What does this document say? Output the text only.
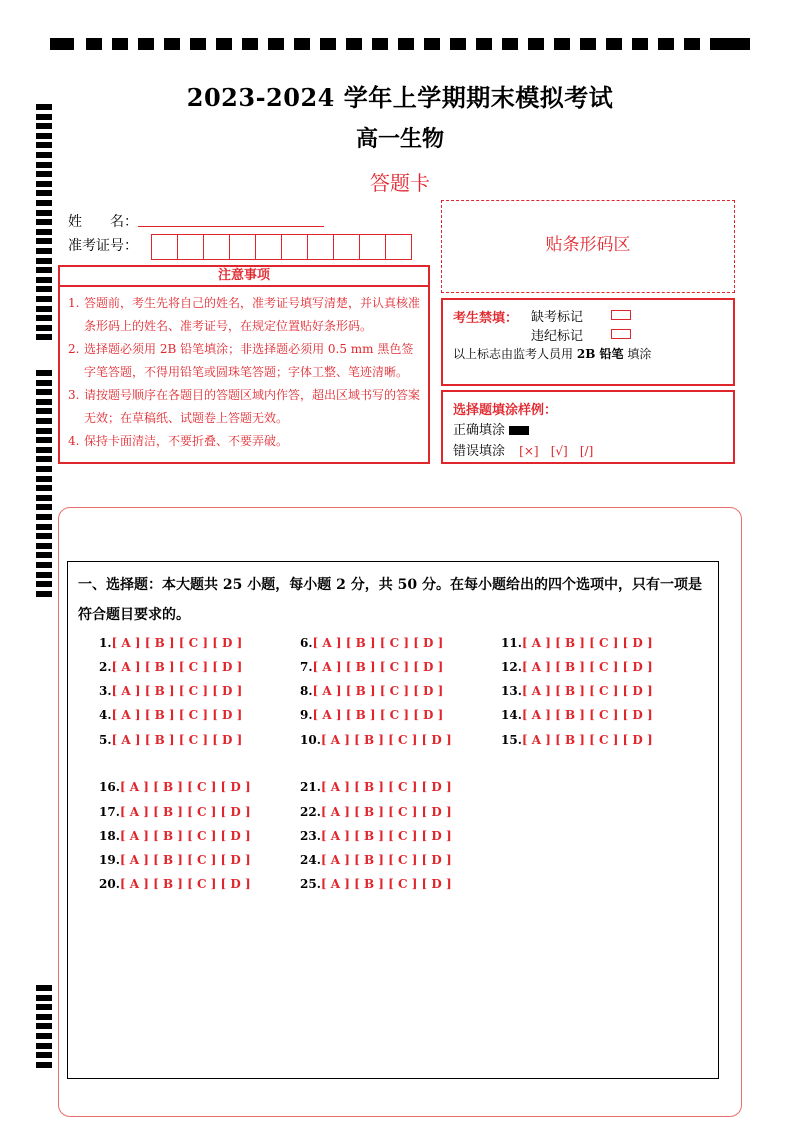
2023-2024 学年上学期期末模拟考试
高一生物
答题卡
姓　　名：
准考证号：
注意事项
1. 答题前，考生先将自己的姓名，准考证号填写清楚，并认真核准条形码上的姓名、准考证号，在规定位置贴好条形码。
2. 选择题必须用 2B 铅笔填涂；非选择题必须用 0.5 mm 黑色签字笔答题，不得用铅笔或圆珠笔答题；字体工整、笔迹清晰。
3. 请按题号顺序在各题目的答题区域内作答，超出区域书写的答案无效；在草稿纸、试题卷上答题无效。
4. 保持卡面清洁，不要折叠、不要弄破。
贴条形码区
考生禁填： 缺考标记
违纪标记
以上标志由监考人员用 2B 铅笔 填涂
选择题填涂样例：
正确填涂
错误填涂 [×] [√] [/]
一、选择题：本大题共 25 小题，每小题 2 分，共 50 分。在每小题给出的四个选项中，只有一项是符合题目要求的。
1.[ A ] [ B ] [ C ] [ D ]
2.[ A ] [ B ] [ C ] [ D ]
3.[ A ] [ B ] [ C ] [ D ]
4.[ A ] [ B ] [ C ] [ D ]
5.[ A ] [ B ] [ C ] [ D ]
6.[ A ] [ B ] [ C ] [ D ]
7.[ A ] [ B ] [ C ] [ D ]
8.[ A ] [ B ] [ C ] [ D ]
9.[ A ] [ B ] [ C ] [ D ]
10.[ A ] [ B ] [ C ] [ D ]
11.[ A ] [ B ] [ C ] [ D ]
12.[ A ] [ B ] [ C ] [ D ]
13.[ A ] [ B ] [ C ] [ D ]
14.[ A ] [ B ] [ C ] [ D ]
15.[ A ] [ B ] [ C ] [ D ]
16.[ A ] [ B ] [ C ] [ D ]
17.[ A ] [ B ] [ C ] [ D ]
18.[ A ] [ B ] [ C ] [ D ]
19.[ A ] [ B ] [ C ] [ D ]
20.[ A ] [ B ] [ C ] [ D ]
21.[ A ] [ B ] [ C ] [ D ]
22.[ A ] [ B ] [ C ] [ D ]
23.[ A ] [ B ] [ C ] [ D ]
24.[ A ] [ B ] [ C ] [ D ]
25.[ A ] [ B ] [ C ] [ D ]
